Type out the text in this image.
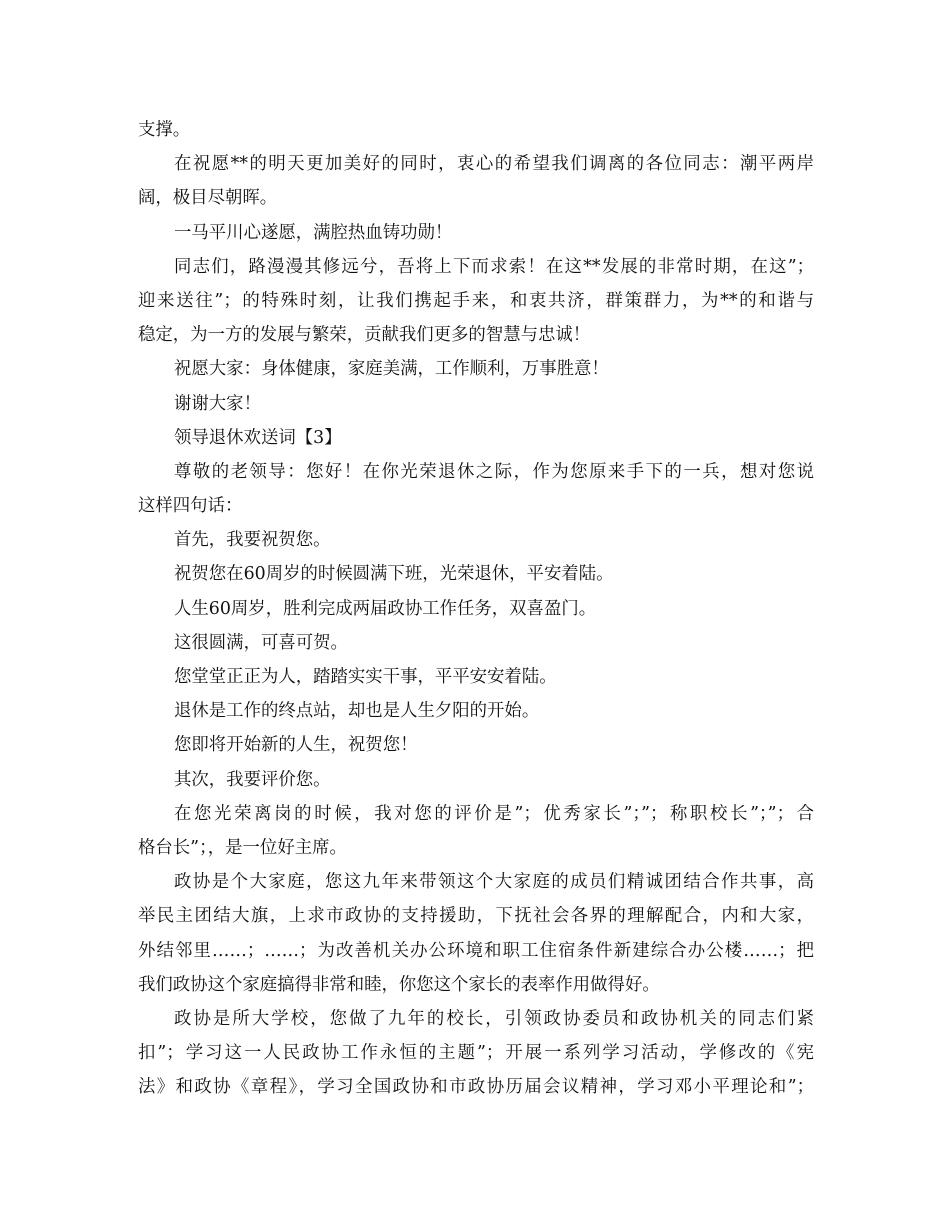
支撑。
在祝愿**的明天更加美好的同时，衷心的希望我们调离的各位同志：潮平两岸
阔，极目尽朝晖。
一马平川心遂愿，满腔热血铸功勋！
同志们，路漫漫其修远兮，吾将上下而求索！在这**发展的非常时期，在这”；
迎来送往”；的特殊时刻，让我们携起手来，和衷共济，群策群力，为**的和谐与
稳定，为一方的发展与繁荣，贡献我们更多的智慧与忠诚！
祝愿大家：身体健康，家庭美满，工作顺利，万事胜意！
谢谢大家！
领导退休欢送词【3】
尊敬的老领导：您好！在你光荣退休之际，作为您原来手下的一兵，想对您说
这样四句话：
首先，我要祝贺您。
祝贺您在60周岁的时候圆满下班，光荣退休，平安着陆。
人生60周岁，胜利完成两届政协工作任务，双喜盈门。
这很圆满，可喜可贺。
您堂堂正正为人，踏踏实实干事，平平安安着陆。
退休是工作的终点站，却也是人生夕阳的开始。
您即将开始新的人生，祝贺您！
其次，我要评价您。
在您光荣离岗的时候，我对您的评价是”；优秀家长”；”；称职校长”；”；合
格台长”；，是一位好主席。
政协是个大家庭，您这九年来带领这个大家庭的成员们精诚团结合作共事，高
举民主团结大旗，上求市政协的支持援助，下抚社会各界的理解配合，内和大家，
外结邻里……；……；为改善机关办公环境和职工住宿条件新建综合办公楼……；把
我们政协这个家庭搞得非常和睦，你您这个家长的表率作用做得好。
政协是所大学校，您做了九年的校长，引领政协委员和政协机关的同志们紧
扣”；学习这一人民政协工作永恒的主题”；开展一系列学习活动，学修改的《宪
法》和政协《章程》，学习全国政协和市政协历届会议精神，学习邓小平理论和”；
